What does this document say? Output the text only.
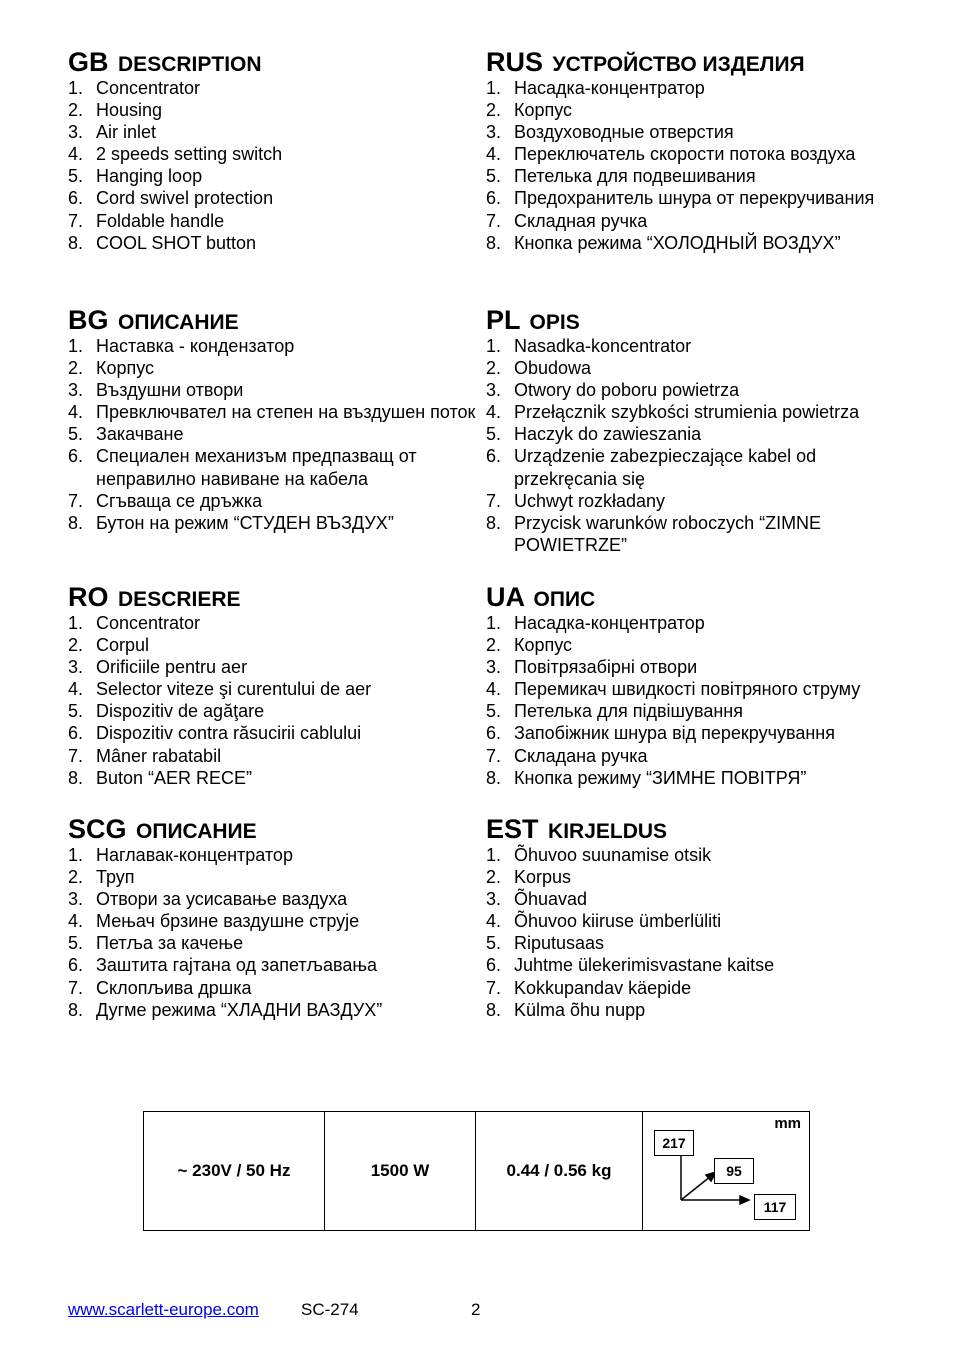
GB DESCRIPTION
1. Concentrator
2. Housing
3. Air inlet
4. 2 speeds setting switch
5. Hanging loop
6. Cord swivel protection
7. Foldable handle
8. COOL SHOT button
BG ОПИСАНИЕ
1. Наставка - кондензатор
2. Корпус
3. Въздушни отвори
4. Превключвател на степен на въздушен поток
5. Закачване
6. Специален механизъм предпазващ от неправилно навиване на кабела
7. Сгъваща се дръжка
8. Бутон на режим “СТУДЕН ВЪЗДУХ”
RO DESCRIERE
1. Concentrator
2. Corpul
3. Orificiile pentru aer
4. Selector viteze şi curentului de aer
5. Dispozitiv de agăţare
6. Dispozitiv contra răsucirii cablului
7. Mâner rabatabil
8. Buton “AER RECE”
SCG ОПИСАНИЕ
1. Наглавак-концентратор
2. Труп
3. Отвори за усисавање ваздуха
4. Мењач брзине ваздушне струје
5. Петља за качење
6. Заштита гајтана од запетљавања
7. Склопљива дршка
8. Дугме режима “ХЛАДНИ ВАЗДУХ”
RUS УСТРОЙСТВО ИЗДЕЛИЯ
1. Насадка-концентратор
2. Корпус
3. Воздуховодные отверстия
4. Переключатель скорости потока воздуха
5. Петелька для подвешивания
6. Предохранитель шнура от перекручивания
7. Складная ручка
8. Кнопка режима “ХОЛОДНЫЙ ВОЗДУХ”
PL OPIS
1. Nasadka-koncentrator
2. Obudowa
3. Otwory do poboru powietrza
4. Przełącznik szybkości strumienia powietrza
5. Haczyk do zawieszania
6. Urządzenie zabezpieczające kabel od przekręcania się
7. Uchwyt rozkładany
8. Przycisk warunków roboczych “ZIMNE POWIETRZE”
UA ОПИС
1. Насадка-концентратор
2. Корпус
3. Повітрязабірні отвори
4. Перемикач швидкості повітряного струму
5. Петелька для підвішування
6. Запобіжник шнура від перекручування
7. Складана ручка
8. Кнопка режиму “ЗИМНЕ ПОВІТРЯ”
EST KIRJELDUS
1. Õhuvoo suunamise otsik
2. Korpus
3. Õhuavad
4. Õhuvoo kiiruse ümberlüliti
5. Riputusaas
6. Juhtme ülekerimisvastane kaitse
7. Kokkupandav käepide
8. Külma õhu nupp
~ 230V / 50 Hz	1500 W	0.44 / 0.56 kg	
mm
217
95
117
www.scarlett-europe.com SC-274	2
